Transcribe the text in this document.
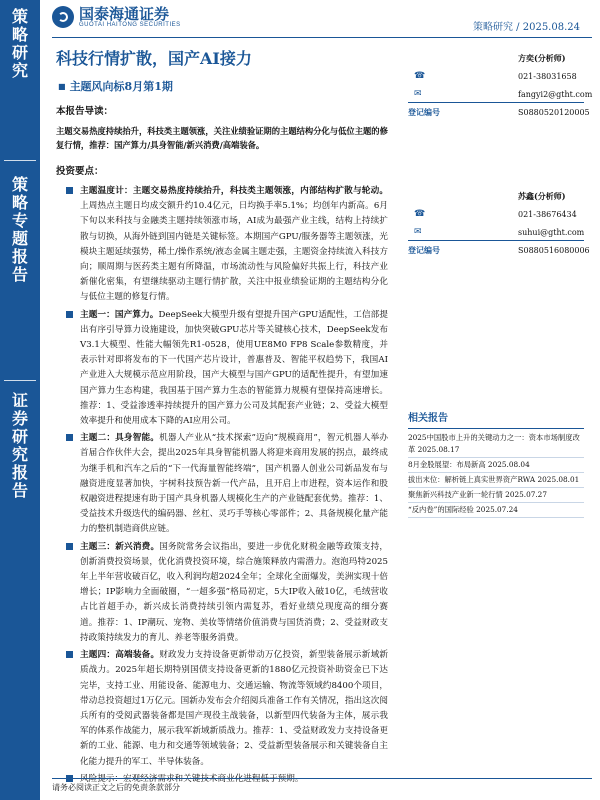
策
略
研
究
策
略
专
题
报
告
证
券
研
究
报
告
国泰海通证券
GUOTAI HAITONG SECURITIES	策略研究 / 2025.08.24
科技行情扩散，国产AI接力
■ 主题风向标8月第1期
本报告导读：
主题交易热度持续抬升，科技类主题领涨，关注业绩验证期的主题结构分化与低位主题的修复行情，推荐：国产算力/具身智能/新兴消费/高端装备。
投资要点：
主题温度计：主题交易热度持续抬升，科技类主题领涨，内部结构扩散与轮动。上周热点主题日均成交额升约10.4亿元，日均换手率5.1%；均创年内新高。6月下旬以来科技与金融类主题持续领涨市场，AI成为最强产业主线，结构上持续扩散与切换，从海外链到国内链是关键标签。本期国产GPU/服务器等主题领涨，光模块主题延续强势，稀土/操作系统/液态金属主题走强，主题资金持续流入科技方向；顺周期与医药类主题有所降温，市场流动性与风险偏好共振上行，科技产业新催化密集，有望继续驱动主题行情扩散，关注中报业绩验证期的主题结构分化与低位主题的修复行情。
主题一：国产算力。DeepSeek大模型升级有望提升国产GPU适配性，工信部提出有序引导算力设施建设，加快突破GPU芯片等关键核心技术，DeepSeek发布V3.1大模型、性能大幅领先R1-0528，使用UE8M0 FP8 Scale参数精度，并表示针对即将发布的下一代国产芯片设计，普惠普及、智能平权趋势下，我国AI产业进入大规模示范应用阶段，国产大模型与国产GPU的适配性提升，有望加速国产算力生态构建，我国基于国产算力生态的智能算力规模有望保持高速增长。推荐：1、受益渗透率持续提升的国产算力公司及其配套产业链；2、受益大模型效率提升和使用成本下降的AI应用公司。
主题二：具身智能。机器人产业从“技术探索”迈向“规模商用”，智元机器人举办首届合作伙伴大会，提出2025年具身智能机器人将迎来商用发展的拐点，最终成为继手机和汽车之后的“下一代海量智能终端”，国产机器人创业公司新品发布与融资进度显著加快，宇树科技预告新一代产品，且开启上市进程，资本运作和股权融资进程提速有助于国产具身机器人规模化生产的产业链配套优势。推荐：1、受益技术升级迭代的编码器、丝杠、灵巧手等核心零部件；2、具备规模化量产能力的整机制造商供应链。
主题三：新兴消费。国务院常务会议指出，要进一步优化财税金融等政策支持，创新消费投资场景，优化消费投资环境，综合施策释放内需潜力。泡泡玛特2025年上半年营收破百亿，收入利润均超2024全年；全球化全面爆发，美洲实现十倍增长；IP影响力全面破圈，“一超多强”格局初定，5大IP收入破10亿，毛绒营收占比首超手办，新兴成长消费持续引领内需复苏，看好业绩兑现度高的细分赛道。推荐：1、IP潮玩、宠物、美妆等情绪价值消费与国货消费；2、受益财政支持政策持续发力的育儿、养老等服务消费。
主题四：高端装备。财政发力支持设备更新带动万亿投资，新型装备展示新域新质战力。2025年超长期特别国债支持设备更新的1880亿元投资补助资金已下达完毕，支持工业、用能设备、能源电力、交通运输、物流等领域约8400个项目，带动总投资超过1万亿元。国新办发布会介绍阅兵准备工作有关情况，指出这次阅兵所有的受阅武器装备都是国产现役主战装备，以新型四代装备为主体，展示我军的体系作战能力，展示我军新域新质战力。推荐：1、受益财政发力支持设备更新的工业、能源、电力和交通等领域装备；2、受益新型装备展示和关键装备自主化能力提升的军工、半导体装备。
风险提示：宏观经济需求和关键技术商业化进程低于预期。
方奕(分析师)
☎	021-38031658
✉	fangyi2@gtht.com
登记编号	S0880520120005
苏鑫(分析师)
☎	021-38676434
✉	suhui@gtht.com
登记编号	S0880516080006
相关报告
2025中国股市上升的关键动力之一：资本市场制度改革 2025.08.17
8月金股展望：布局新高 2025.08.04
拔出末位：解析链上真实世界资产RWA 2025.08.01
聚焦新兴科技产业新一轮行情 2025.07.27
“反内卷”的国际经验 2025.07.24
请务必阅读正文之后的免责条款部分
